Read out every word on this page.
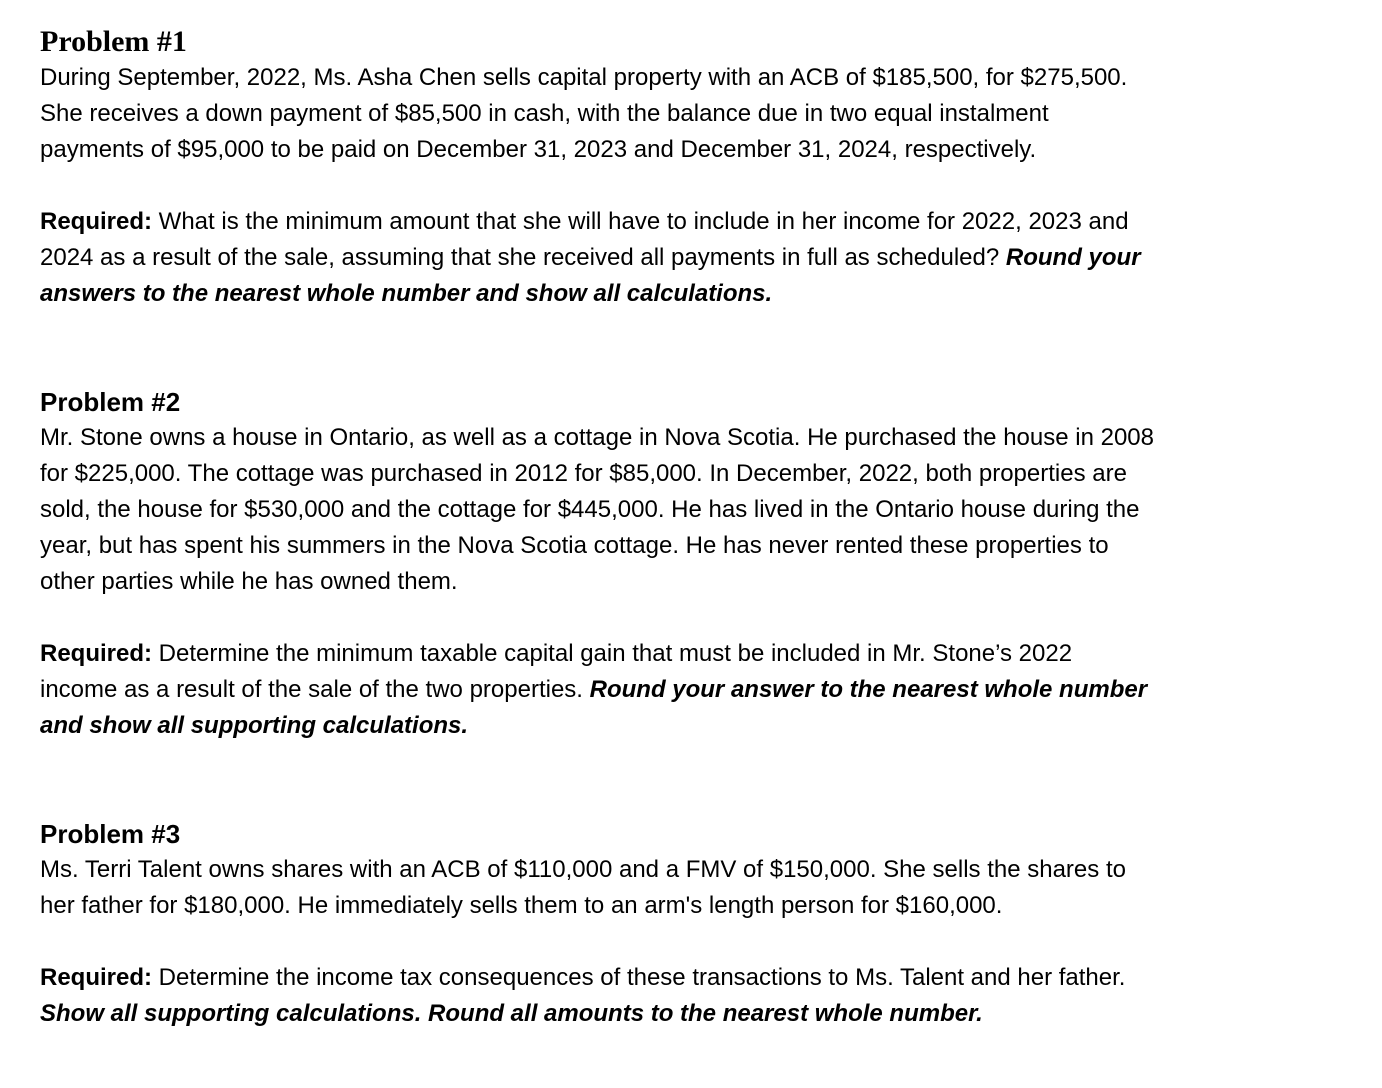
Problem #1

During September, 2022, Ms. Asha Chen sells capital property with an ACB of $185,500, for $275,500.
She receives a down payment of $85,500 in cash, with the balance due in two equal instalment
payments of $95,000 to be paid on December 31, 2023 and December 31, 2024, respectively.

Required: What is the minimum amount that she will have to include in her income for 2022, 2023 and
2024 as a result of the sale, assuming that she received all payments in full as scheduled? Round your
answers to the nearest whole number and show all calculations.

Problem #2

Mr. Stone owns a house in Ontario, as well as a cottage in Nova Scotia. He purchased the house in 2008
for $225,000. The cottage was purchased in 2012 for $85,000. In December, 2022, both properties are
sold, the house for $530,000 and the cottage for $445,000. He has lived in the Ontario house during the
year, but has spent his summers in the Nova Scotia cottage. He has never rented these properties to
other parties while he has owned them.

Required: Determine the minimum taxable capital gain that must be included in Mr. Stone’s 2022
income as a result of the sale of the two properties. Round your answer to the nearest whole number
and show all supporting calculations.

Problem #3

Ms. Terri Talent owns shares with an ACB of $110,000 and a FMV of $150,000. She sells the shares to
her father for $180,000. He immediately sells them to an arm's length person for $160,000.

Required: Determine the income tax consequences of these transactions to Ms. Talent and her father.
Show all supporting calculations. Round all amounts to the nearest whole number.
